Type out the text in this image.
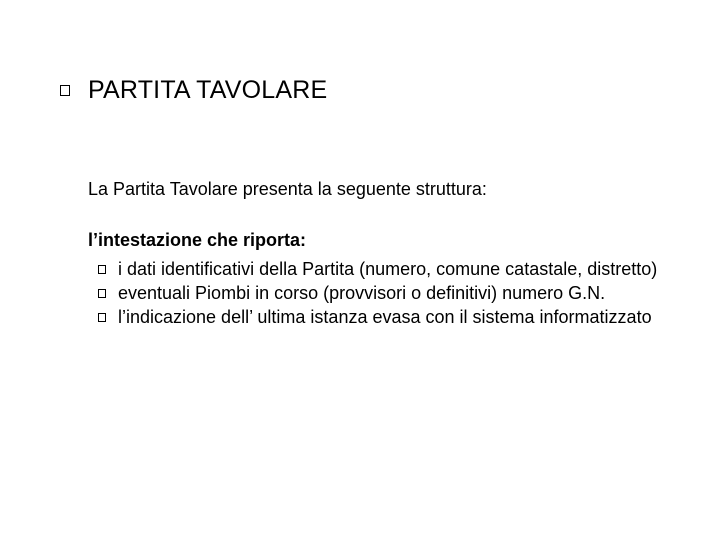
PARTITA TAVOLARE
La Partita Tavolare presenta la seguente struttura:
l’intestazione che riporta:
i dati identificativi della Partita (numero, comune catastale, distretto)
eventuali Piombi in corso (provvisori o definitivi) numero G.N.
l’indicazione dell’ ultima istanza evasa con il sistema informatizzato
